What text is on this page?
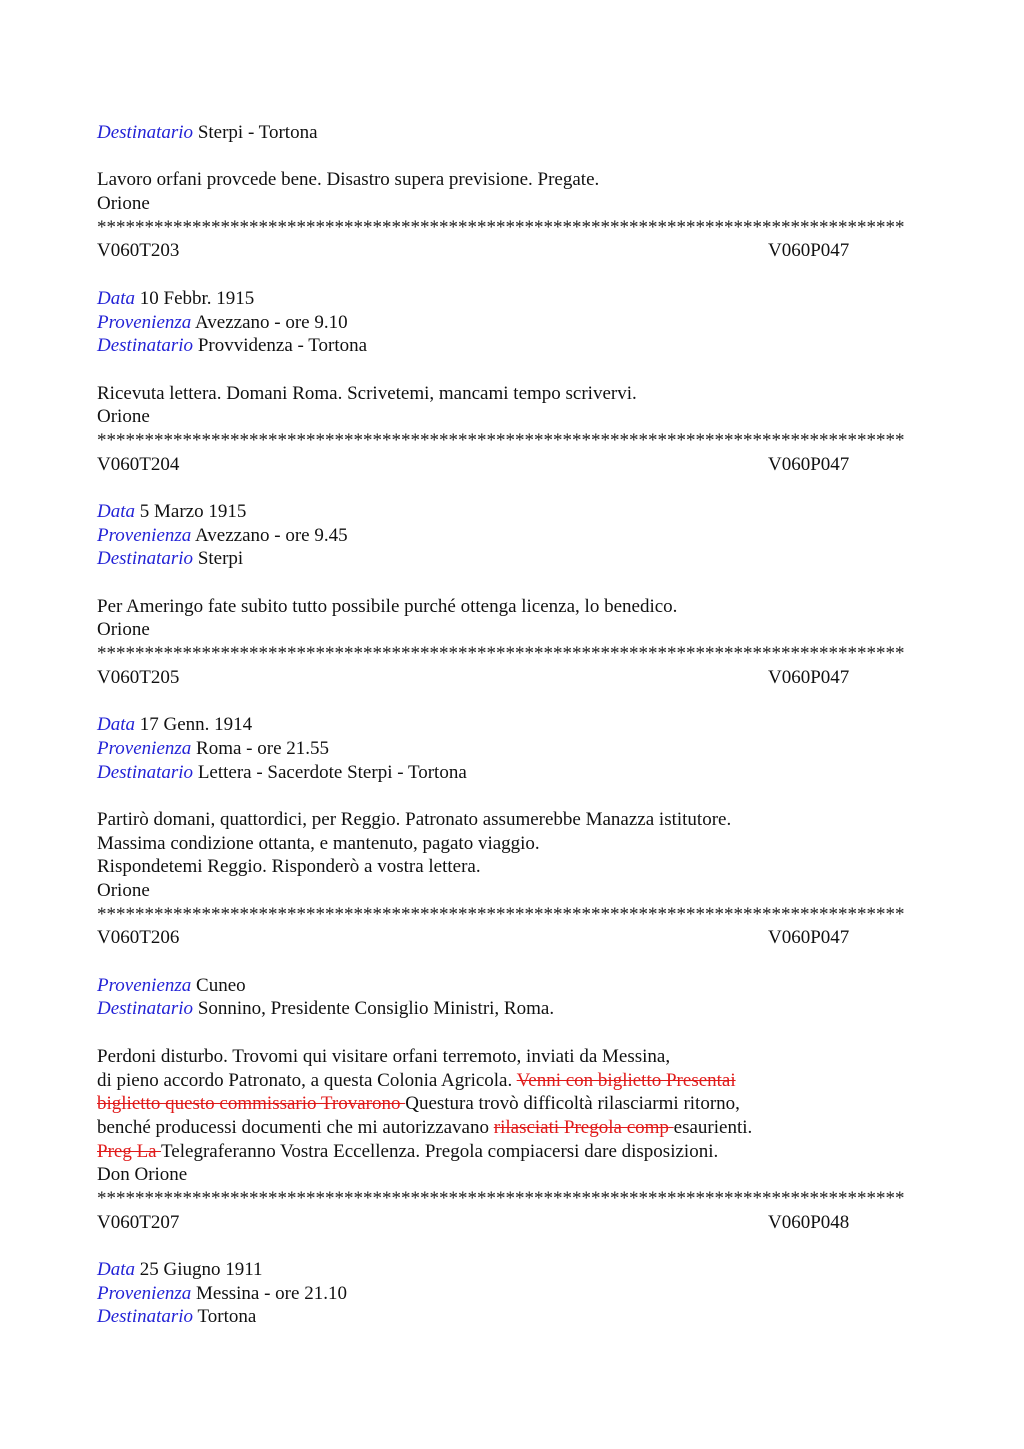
Destinatario Sterpi - Tortona
Lavoro orfani provcede bene. Disastro supera previsione. Pregate.
Orione
*************************************************************************************
V060T203	V060P047
Data 10 Febbr. 1915
Provenienza Avezzano - ore 9.10
Destinatario Provvidenza - Tortona
Ricevuta lettera. Domani Roma. Scrivetemi, mancami tempo scrivervi.
Orione
*************************************************************************************
V060T204	V060P047
Data 5 Marzo 1915
Provenienza Avezzano - ore 9.45
Destinatario Sterpi
Per Ameringo fate subito tutto possibile purché ottenga licenza, lo benedico.
Orione
*************************************************************************************
V060T205	V060P047
Data 17 Genn. 1914
Provenienza Roma - ore 21.55
Destinatario Lettera - Sacerdote Sterpi - Tortona
Partirò domani, quattordici, per Reggio. Patronato assumerebbe Manazza istitutore.
Massima condizione ottanta, e mantenuto, pagato viaggio.
Rispondetemi Reggio. Risponderò a vostra lettera.
Orione
*************************************************************************************
V060T206	V060P047
Provenienza Cuneo
Destinatario Sonnino, Presidente Consiglio Ministri, Roma.
Perdoni disturbo. Trovomi qui visitare orfani terremoto, inviati da Messina,
di pieno accordo Patronato, a questa Colonia Agricola. Venni con biglietto Presentai
biglietto questo commissario Trovarono Questura trovò difficoltà rilasciarmi ritorno,
benché producessi documenti che mi autorizzavano rilasciati Pregola comp esaurienti.
Preg La Telegraferanno Vostra Eccellenza. Pregola compiacersi dare disposizioni.
Don Orione
*************************************************************************************
V060T207	V060P048
Data 25 Giugno 1911
Provenienza Messina - ore 21.10
Destinatario Tortona
